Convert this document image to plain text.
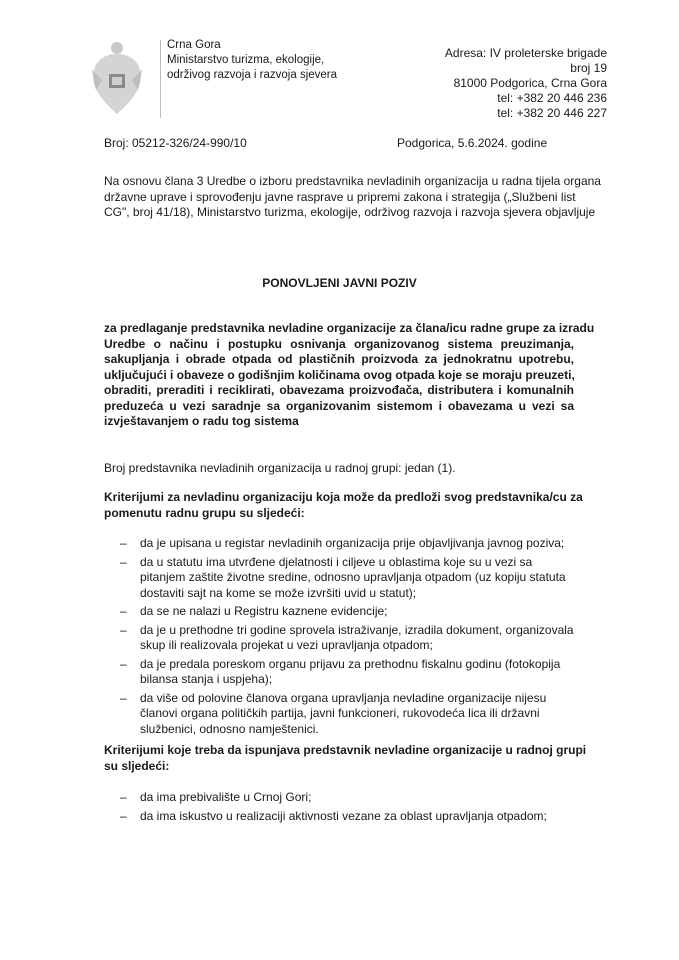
Crna Gora
Ministarstvo turizma, ekologije,
održivog razvoja i razvoja sjevera
Adresa: IV proleterske brigade
broj 19
81000 Podgorica, Crna Gora
tel: +382 20 446 236
tel: +382 20 446 227
Broj: 05212-326/24-990/10	Podgorica, 5.6.2024. godine
Na osnovu člana 3 Uredbe o izboru predstavnika nevladinih organizacija u radna tijela organa
državne uprave i sprovođenju javne rasprave u pripremi zakona i strategija („Službeni list
CG", broj 41/18), Ministarstvo turizma, ekologije, održivog razvoja i razvoja sjevera objavljuje
PONOVLJENI JAVNI POZIV
za predlaganje predstavnika nevladine organizacije za člana/icu radne grupe za izradu
Uredbe o načinu i postupku osnivanja organizovanog sistema preuzimanja,
sakupljanja i obrade otpada od plastičnih proizvoda za jednokratnu upotrebu,
uključujući i obaveze o godišnjim količinama ovog otpada koje se moraju preuzeti,
obraditi, preraditi i reciklirati, obavezama proizvođača, distributera i komunalnih
preduzeća u vezi saradnje sa organizovanim sistemom i obavezama u vezi sa
izvještavanjem o radu tog sistema
Broj predstavnika nevladinih organizacija u radnoj grupi: jedan (1).
Kriterijumi za nevladinu organizaciju koja može da predloži svog predstavnika/cu za
pomenutu radnu grupu su sljedeći:
–	da je upisana u registar nevladinih organizacija prije objavljivanja javnog poziva;
–	da u statutu ima utvrđene djelatnosti i ciljeve u oblastima koje su u vezi sa pitanjem zaštite životne sredine, odnosno upravljanja otpadom (uz kopiju statuta dostaviti sajt na kome se može izvršiti uvid u statut);
–	da se ne nalazi u Registru kaznene evidencije;
–	da je u prethodne tri godine sprovela istraživanje, izradila dokument, organizovala skup ili realizovala projekat u vezi upravljanja otpadom;
–	da je predala poreskom organu prijavu za prethodnu fiskalnu godinu (fotokopija bilansa stanja i uspjeha);
–	da više od polovine članova organa upravljanja nevladine organizacije nijesu članovi organa političkih partija, javni funkcioneri, rukovodeća lica ili državni službenici, odnosno namještenici.
Kriterijumi koje treba da ispunjava predstavnik nevladine organizacije u radnoj grupi
su sljedeći:
–	da ima prebivalište u Crnoj Gori;
–	da ima iskustvo u realizaciji aktivnosti vezane za oblast upravljanja otpadom;
